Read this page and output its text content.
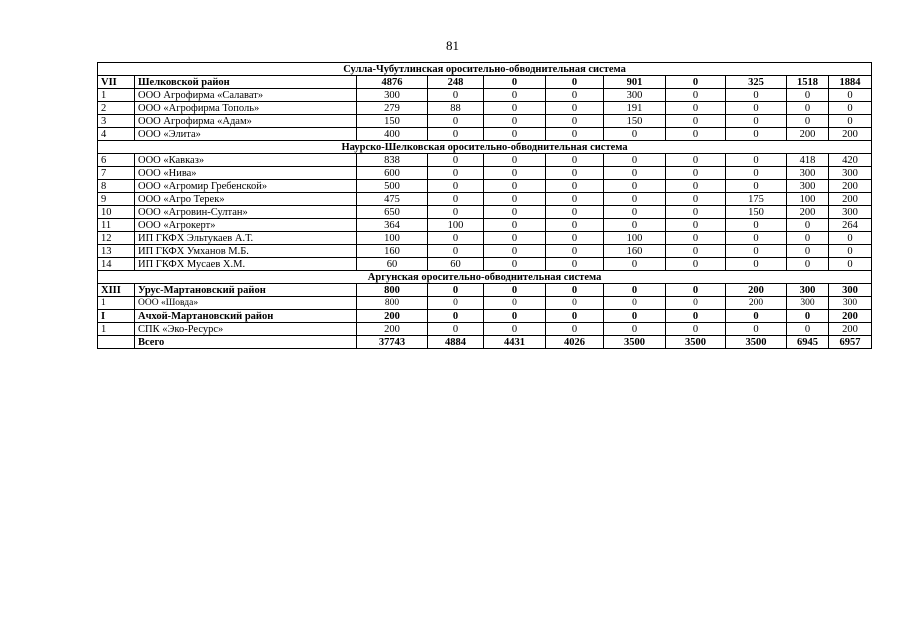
81
Сулла-Чубутлинская оросительно-обводнительная система										
VII	Шелковской район	4876	248	0	0	901	0	325	1518	1884
1	ООО Агрофирма «Салават»	300	0	0	0	300	0	0	0	0
2	ООО «Агрофирма Тополь»	279	88	0	0	191	0	0	0	0
3	ООО Агрофирма «Адам»	150	0	0	0	150	0	0	0	0
4	ООО «Элита»	400	0	0	0	0	0	0	200	200
Наурско-Шелковская оросительно-обводнительная система										
6	ООО «Кавказ»	838	0	0	0	0	0	0	418	420
7	ООО «Нива»	600	0	0	0	0	0	0	300	300
8	ООО «Агромир Гребенской»	500	0	0	0	0	0	0	300	200
9	ООО «Агро Терек»	475	0	0	0	0	0	175	100	200
10	ООО «Агровин-Султан»	650	0	0	0	0	0	150	200	300
11	ООО «Агрокерт»	364	100	0	0	0	0	0	0	264
12	ИП ГКФХ Эльтукаев А.Т.	100	0	0	0	100	0	0	0	0
13	ИП ГКФХ Умханов М.Б.	160	0	0	0	160	0	0	0	0
14	ИП ГКФХ Мусаев Х.М.	60	60	0	0	0	0	0	0	0
Аргунская оросительно-обводнительная система										
XIII	Урус-Мартановский район	800	0	0	0	0	0	200	300	300
1	ООО «Шовда»	800	0	0	0	0	0	200	300	300
I	Ачхой-Мартановский район	200	0	0	0	0	0	0	0	200
1	СПК «Эко-Ресурс»	200	0	0	0	0	0	0	0	200
	Всего	37743	4884	4431	4026	3500	3500	3500	6945	6957
